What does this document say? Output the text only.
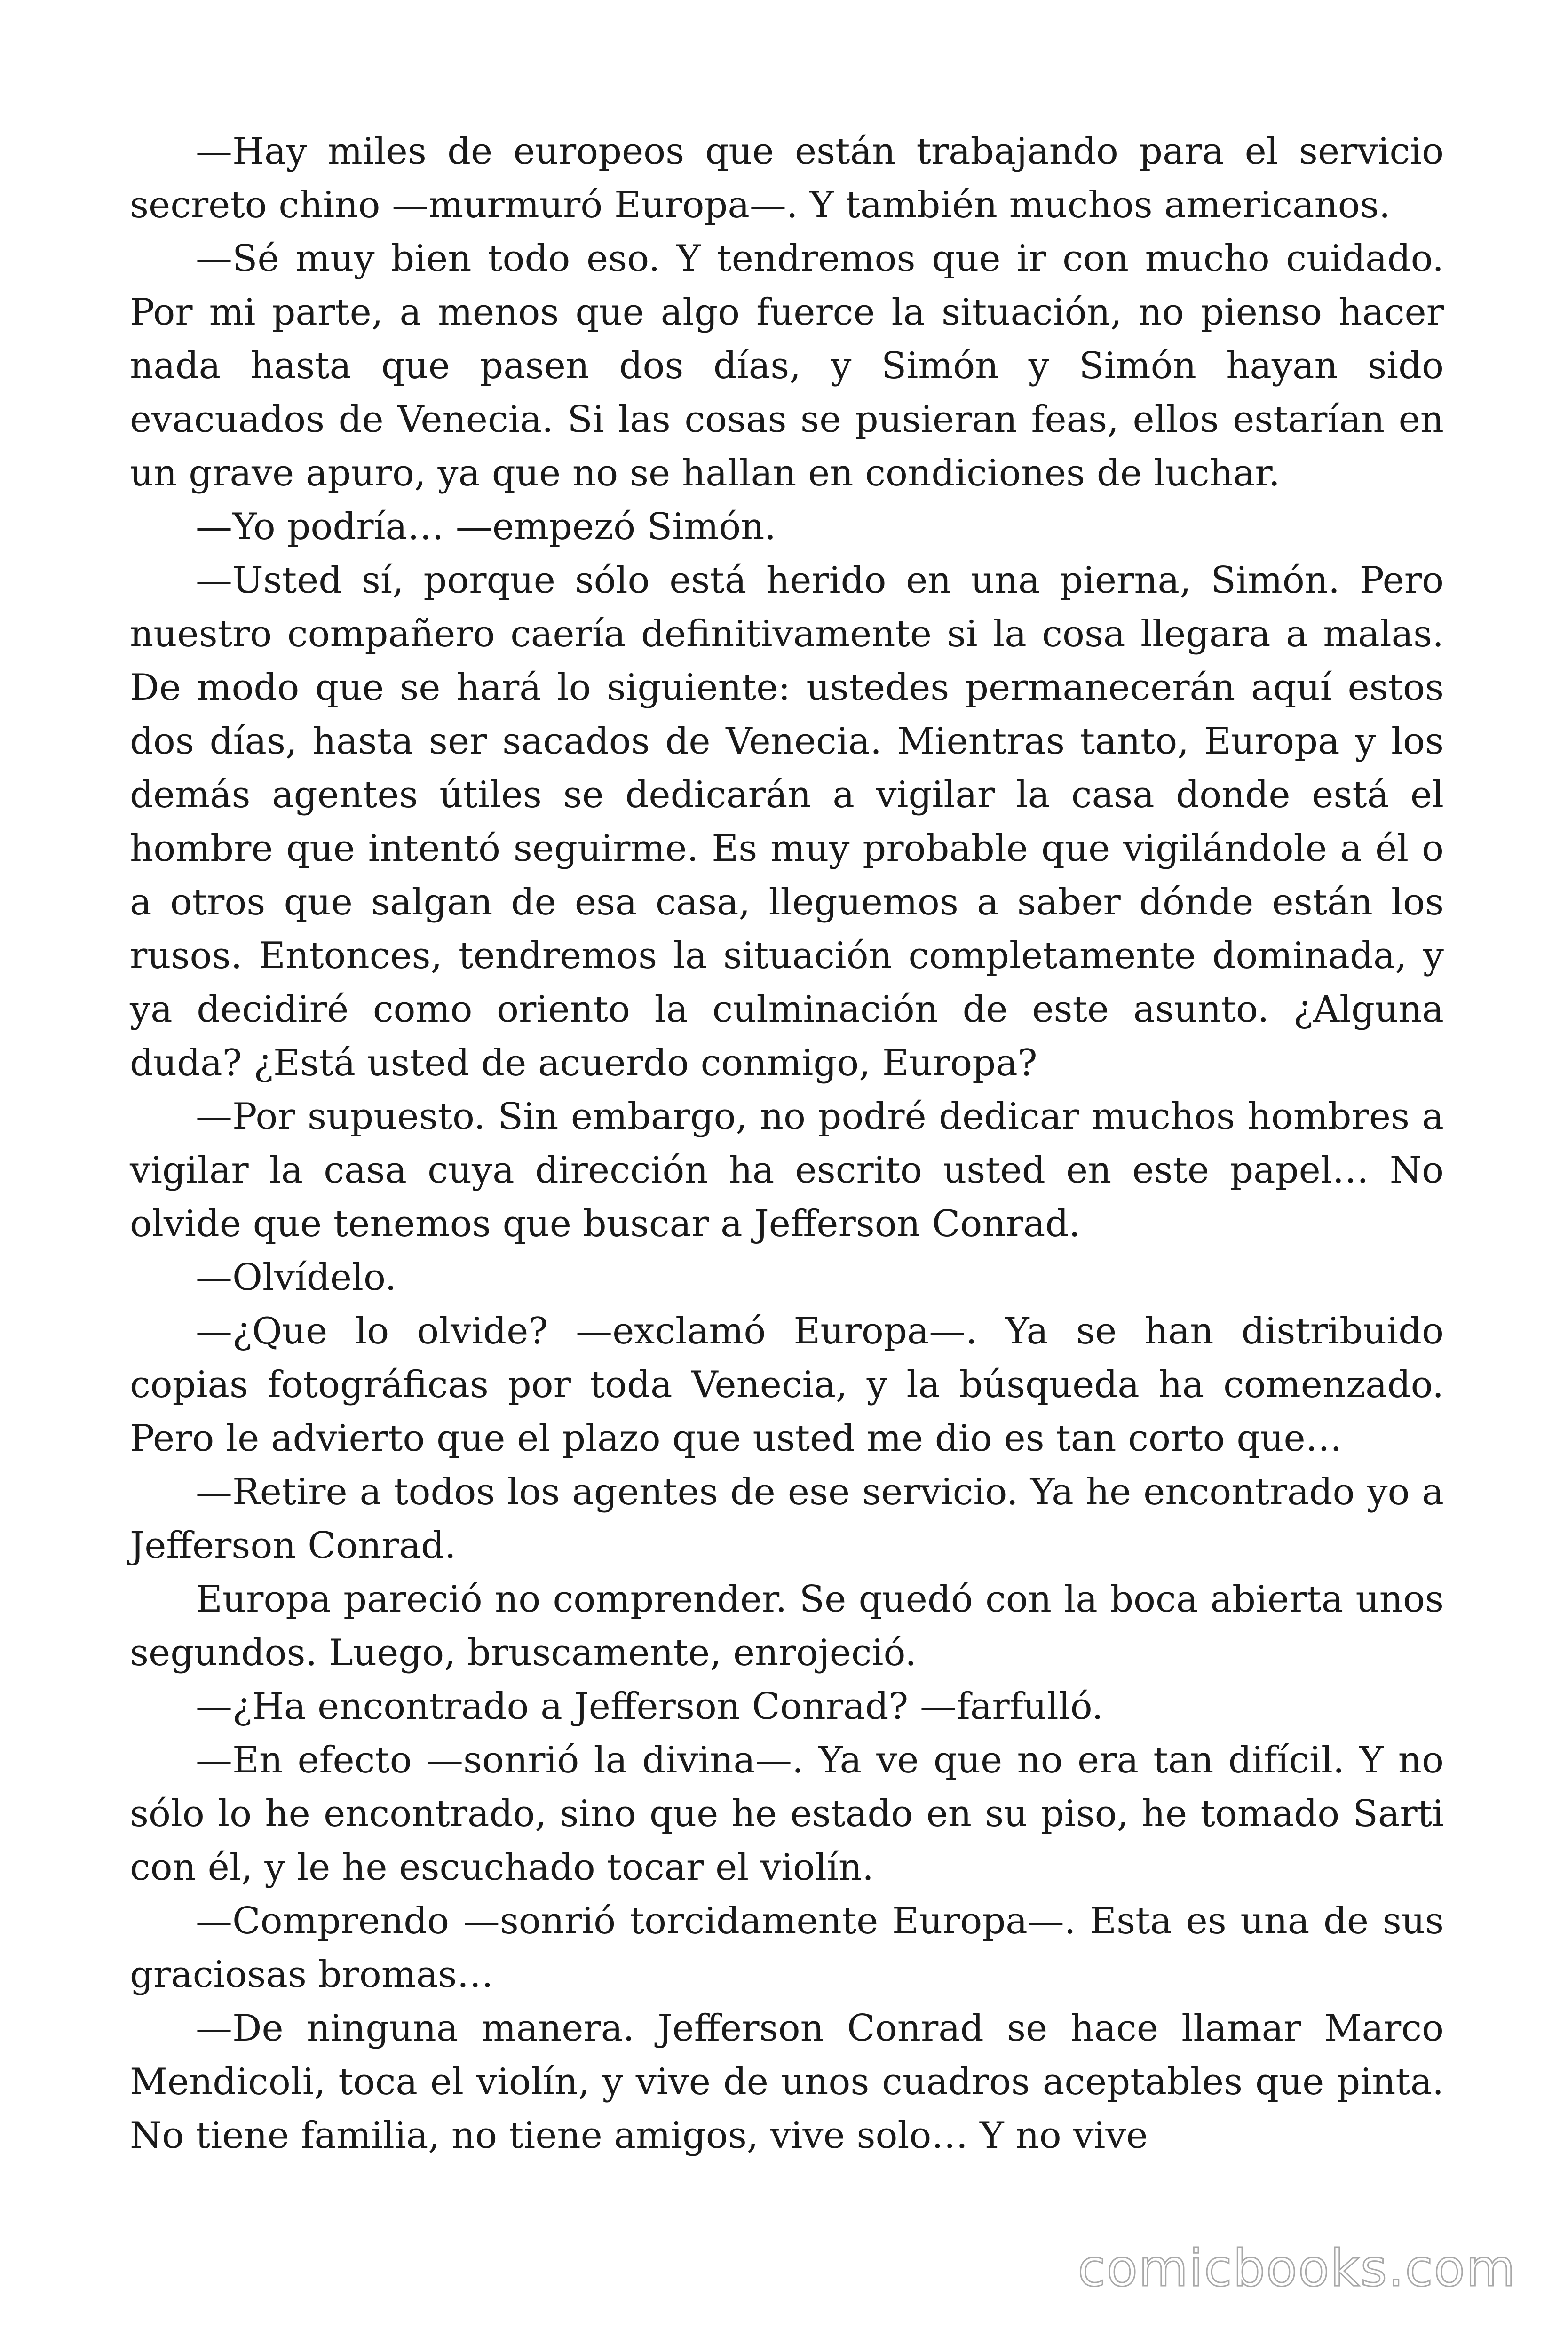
—Hay miles de europeos que están trabajando para el servicio secreto chino —murmuró Europa—. Y también muchos americanos.

—Sé muy bien todo eso. Y tendremos que ir con mucho cuidado. Por mi parte, a menos que algo fuerce la situación, no pienso hacer nada hasta que pasen dos días, y Simón y Simón hayan sido evacuados de Venecia. Si las cosas se pusieran feas, ellos estarían en un grave apuro, ya que no se hallan en condiciones de luchar.

—Yo podría… —empezó Simón.

—Usted sí, porque sólo está herido en una pierna, Simón. Pero nuestro compañero caería definitivamente si la cosa llegara a malas. De modo que se hará lo siguiente: ustedes permanecerán aquí estos dos días, hasta ser sacados de Venecia. Mientras tanto, Europa y los demás agentes útiles se dedicarán a vigilar la casa donde está el hombre que intentó seguirme. Es muy probable que vigilándole a él o a otros que salgan de esa casa, lleguemos a saber dónde están los rusos. Entonces, tendremos la situación completamente dominada, y ya decidiré como oriento la culminación de este asunto. ¿Alguna duda? ¿Está usted de acuerdo conmigo, Europa?

—Por supuesto. Sin embargo, no podré dedicar muchos hombres a vigilar la casa cuya dirección ha escrito usted en este papel… No olvide que tenemos que buscar a Jefferson Conrad.

—Olvídelo.

—¿Que lo olvide? —exclamó Europa—. Ya se han distribuido copias fotográficas por toda Venecia, y la búsqueda ha comenzado. Pero le advierto que el plazo que usted me dio es tan corto que…

—Retire a todos los agentes de ese servicio. Ya he encontrado yo a Jefferson Conrad.

Europa pareció no comprender. Se quedó con la boca abierta unos segundos. Luego, bruscamente, enrojeció.

—¿Ha encontrado a Jefferson Conrad? —farfulló.

—En efecto —sonrió la divina—. Ya ve que no era tan difícil. Y no sólo lo he encontrado, sino que he estado en su piso, he tomado Sarti con él, y le he escuchado tocar el violín.

—Comprendo —sonrió torcidamente Europa—. Esta es una de sus graciosas bromas…

—De ninguna manera. Jefferson Conrad se hace llamar Marco Mendicoli, toca el violín, y vive de unos cuadros aceptables que pinta. No tiene familia, no tiene amigos, vive solo… Y no vive

comicbooks.com
